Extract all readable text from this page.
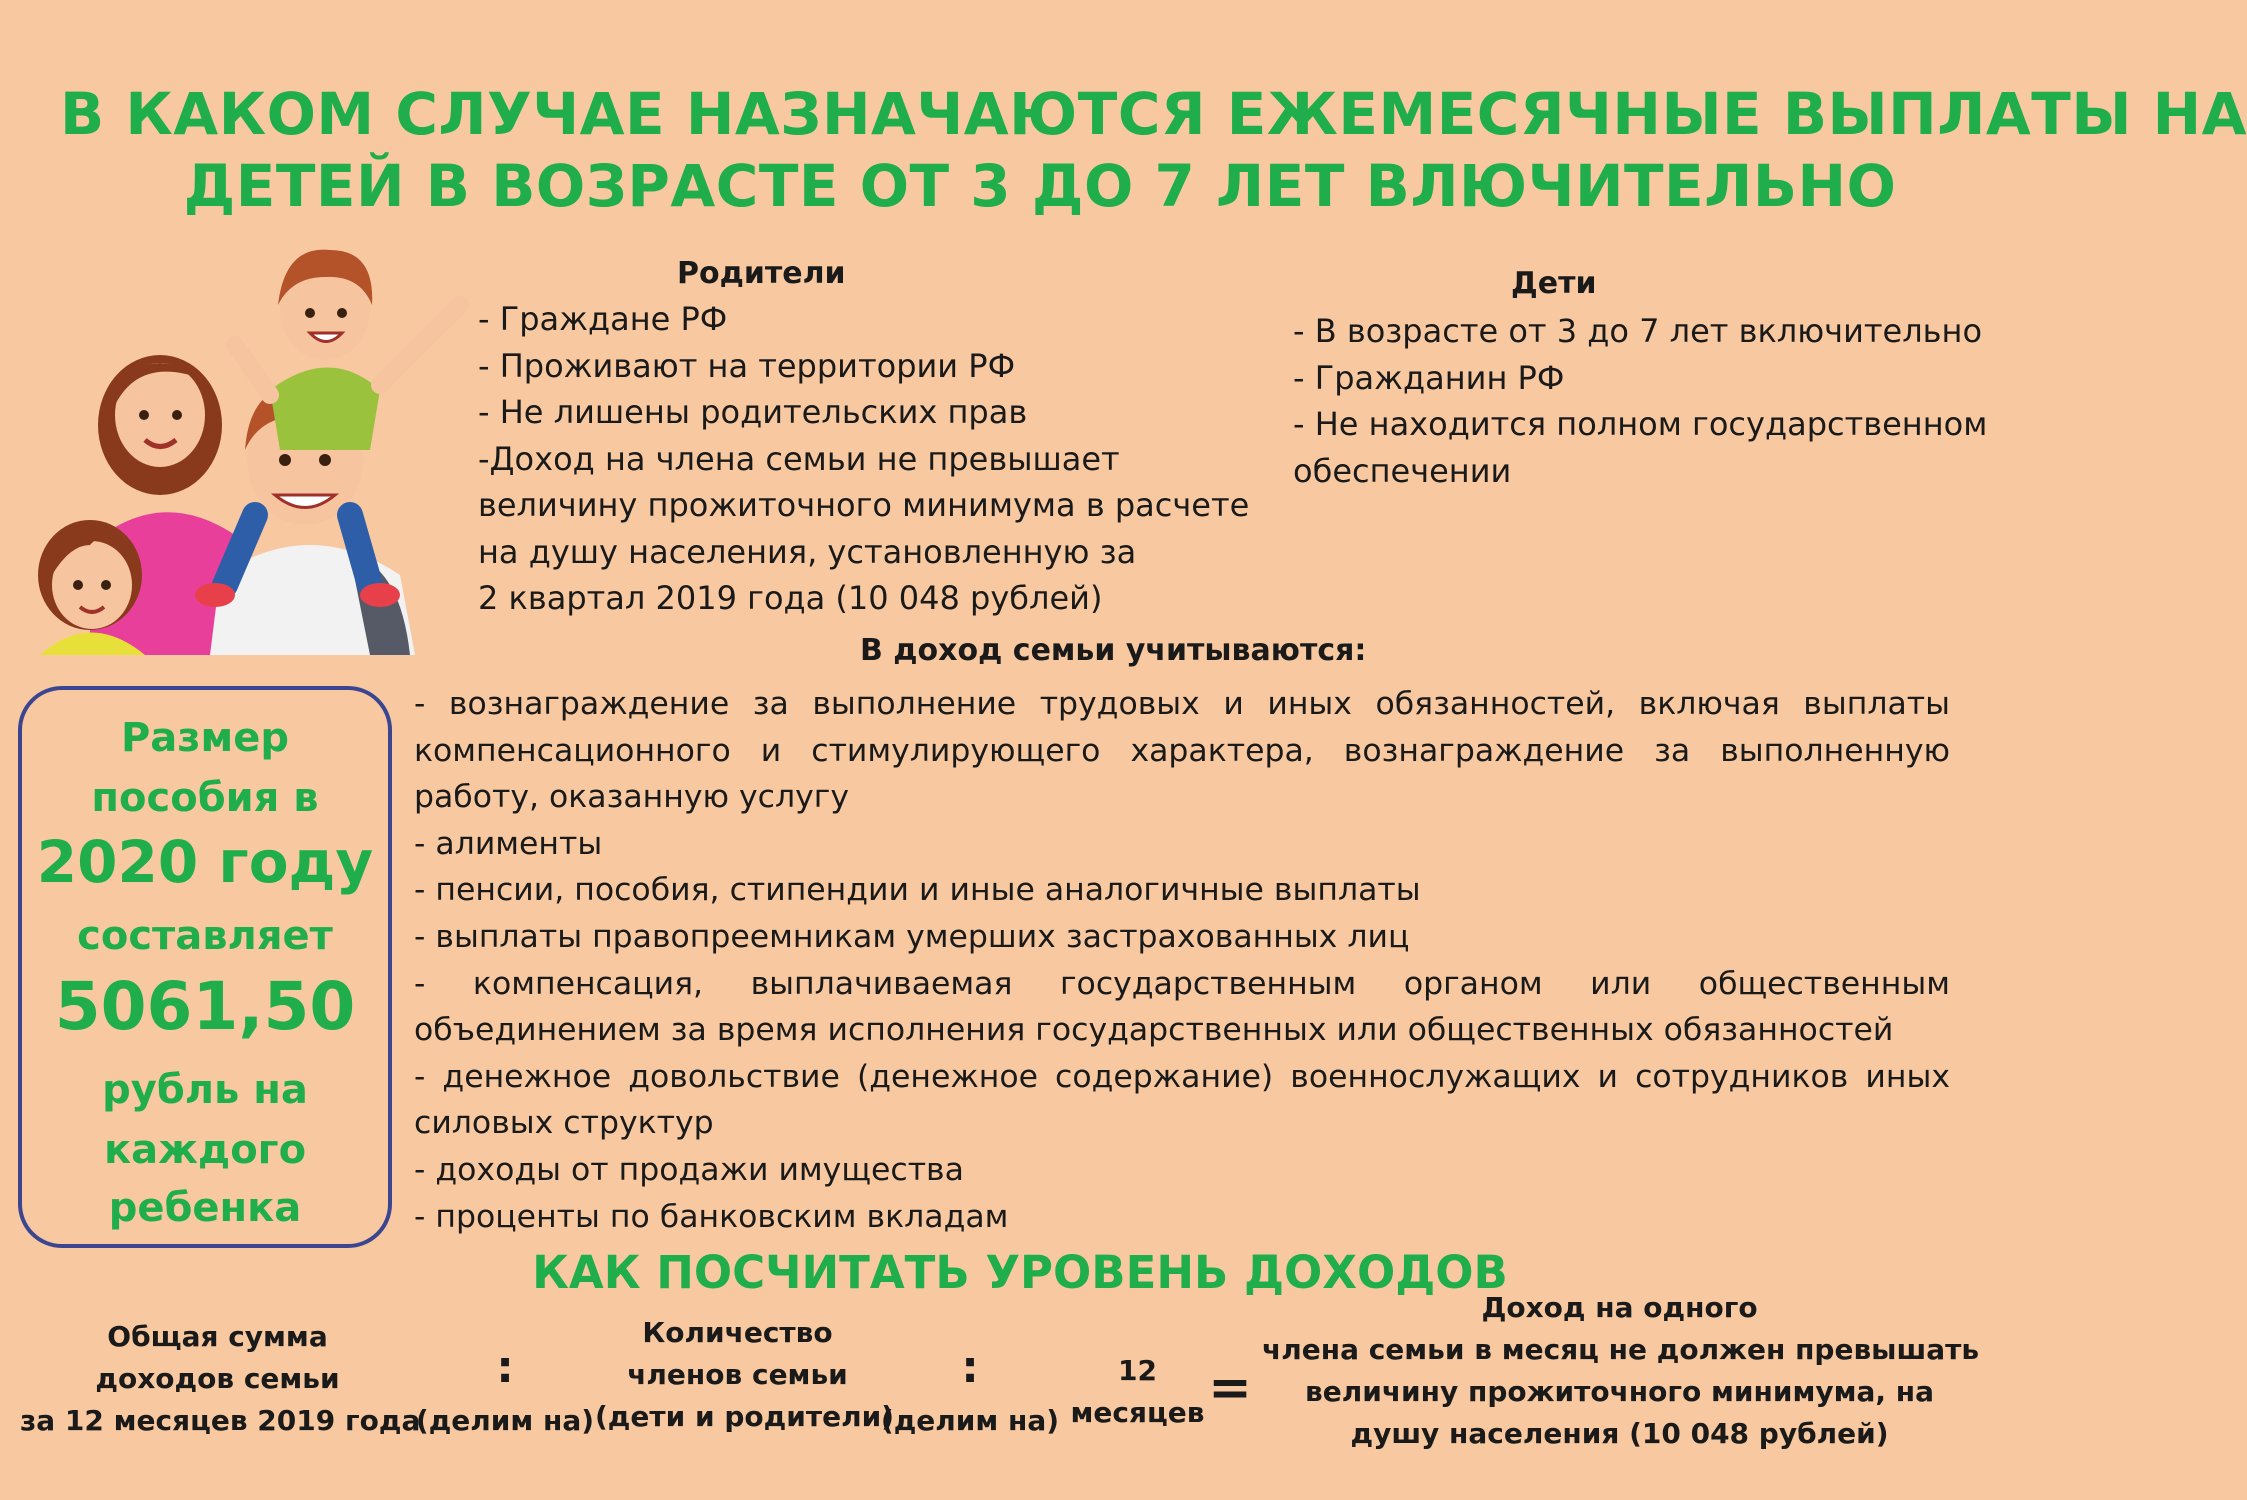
В КАКОМ СЛУЧАЕ НАЗНАЧАЮТСЯ ЕЖЕМЕСЯЧНЫЕ ВЫПЛАТЫ НА
ДЕТЕЙ В ВОЗРАСТЕ ОТ 3 ДО 7 ЛЕТ ВЛЮЧИТЕЛЬНО
Родители
- Граждане РФ
- Проживают на территории РФ
- Не лишены родительских прав
-Доход на члена семьи не превышает
величину прожиточного минимума в расчете
на душу населения, установленную за
2 квартал 2019 года (10 048 рублей)
Дети
- В возрасте от 3 до 7 лет включительно
- Гражданин РФ
- Не находится полном государственном
обеспечении
В доход семьи учитываются:
- вознаграждение за выполнение трудовых и иных обязанностей, включая выплаты компенсационного и стимулирующего характера, вознаграждение за выполненную работу, оказанную услугу
- алименты
- пенсии, пособия, стипендии и иные аналогичные выплаты
- выплаты правопреемникам умерших застрахованных лиц
- компенсация, выплачиваемая государственным органом или общественным объединением за время исполнения государственных или общественных обязанностей
- денежное довольствие (денежное содержание) военнослужащих и сотрудников иных силовых структур
- доходы от продажи имущества
- проценты по банковским вкладам
Размер
пособия в
2020 году
составляет
5061,50
рубль на
каждого
ребенка
КАК ПОСЧИТАТЬ УРОВЕНЬ ДОХОДОВ
Общая сумма
доходов семьи
за 12 месяцев 2019 года
:
(делим на)
Количество
членов семьи
(дети и родители)
:
(делим на)
12
месяцев =
Доход на одного
члена семьи в месяц не должен превышать
величину прожиточного минимума, на
душу населения (10 048 рублей)
